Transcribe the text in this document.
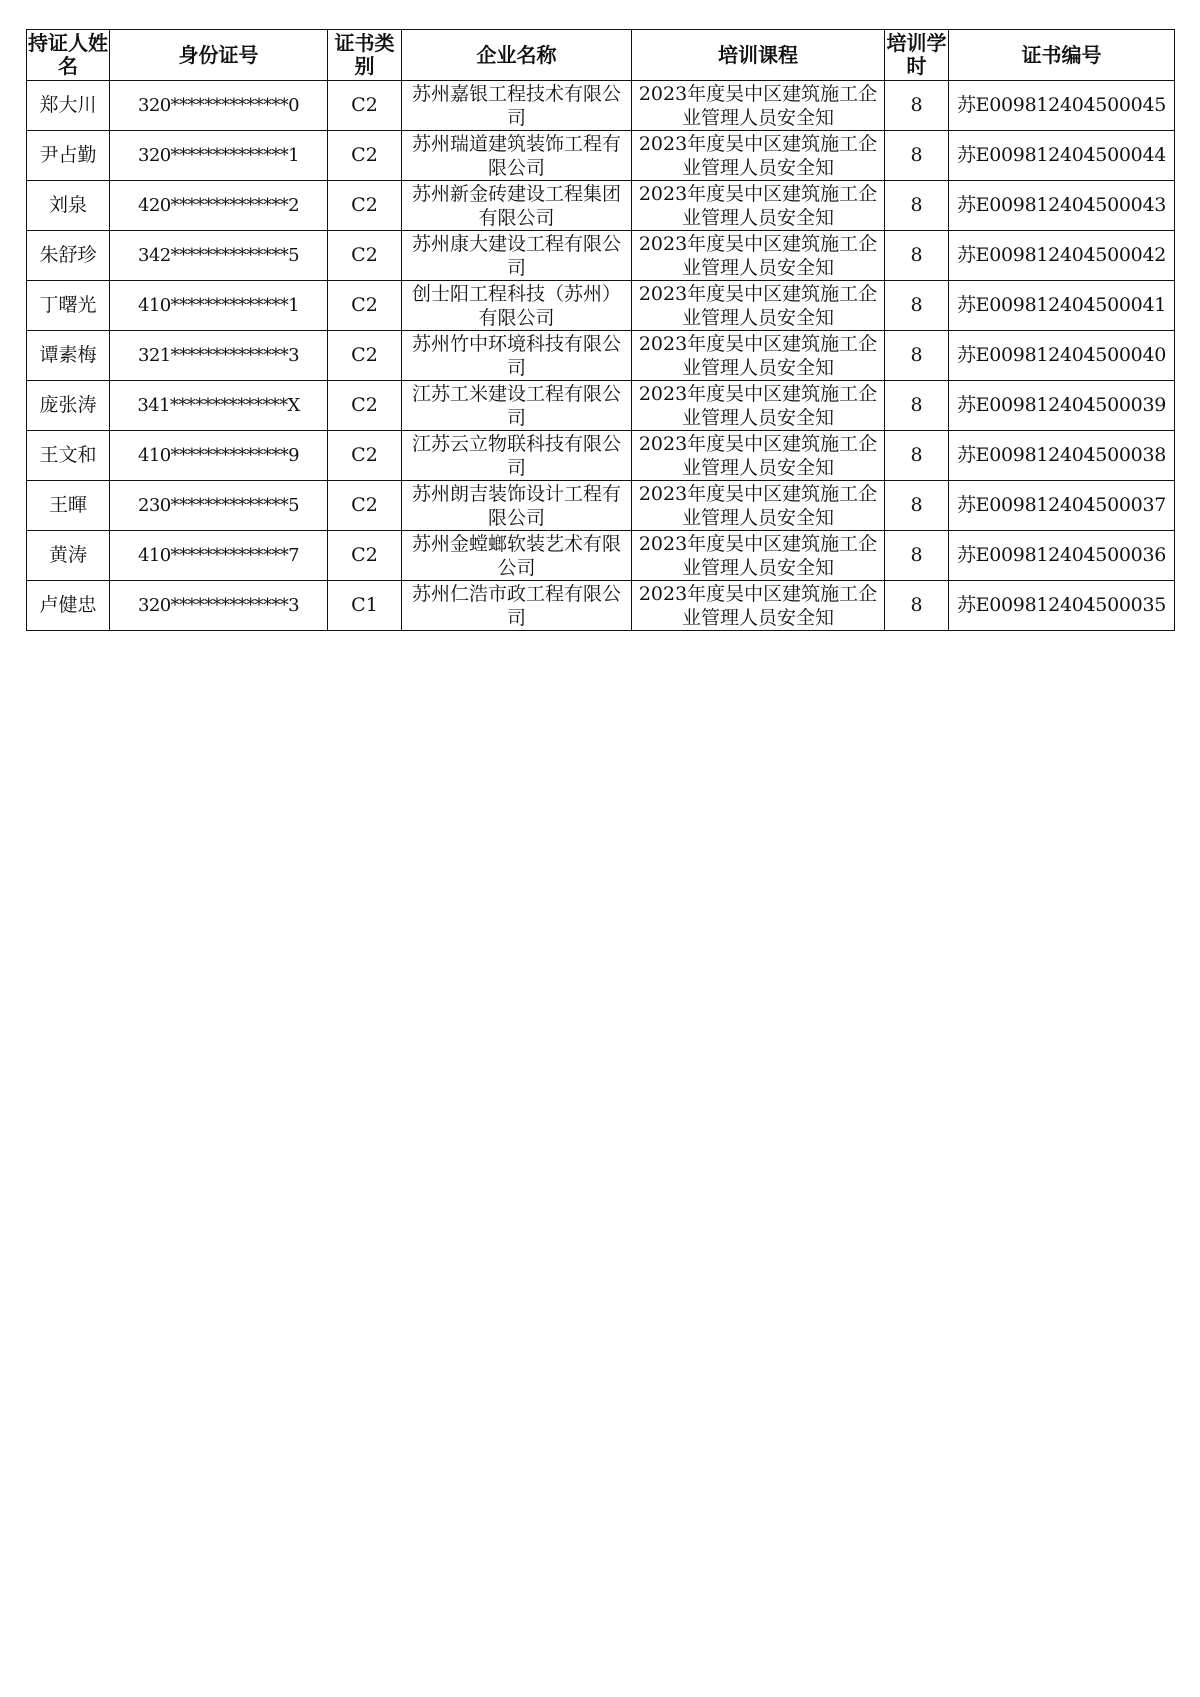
持证人姓名	身份证号	证书类别	企业名称	培训课程	培训学时	证书编号

郑大川	320**************0	C2	苏州嘉银工程技术有限公司	2023年度吴中区建筑施工企业管理人员安全知	8	苏E009812404500045

尹占勤	320**************1	C2	苏州瑞道建筑装饰工程有限公司	2023年度吴中区建筑施工企业管理人员安全知	8	苏E009812404500044

刘泉	420**************2	C2	苏州新金砖建设工程集团有限公司	2023年度吴中区建筑施工企业管理人员安全知	8	苏E009812404500043

朱舒珍	342**************5	C2	苏州康大建设工程有限公司	2023年度吴中区建筑施工企业管理人员安全知	8	苏E009812404500042

丁曙光	410**************1	C2	创士阳工程科技（苏州）有限公司	2023年度吴中区建筑施工企业管理人员安全知	8	苏E009812404500041

谭素梅	321**************3	C2	苏州竹中环境科技有限公司	2023年度吴中区建筑施工企业管理人员安全知	8	苏E009812404500040

庞张涛	341**************X	C2	江苏工米建设工程有限公司	2023年度吴中区建筑施工企业管理人员安全知	8	苏E009812404500039

王文和	410**************9	C2	江苏云立物联科技有限公司	2023年度吴中区建筑施工企业管理人员安全知	8	苏E009812404500038

王暉	230**************5	C2	苏州朗吉装饰设计工程有限公司	2023年度吴中区建筑施工企业管理人员安全知	8	苏E009812404500037

黄涛	410**************7	C2	苏州金螳螂软装艺术有限公司	2023年度吴中区建筑施工企业管理人员安全知	8	苏E009812404500036

卢健忠	320**************3	C1	苏州仁浩市政工程有限公司	2023年度吴中区建筑施工企业管理人员安全知	8	苏E009812404500035
